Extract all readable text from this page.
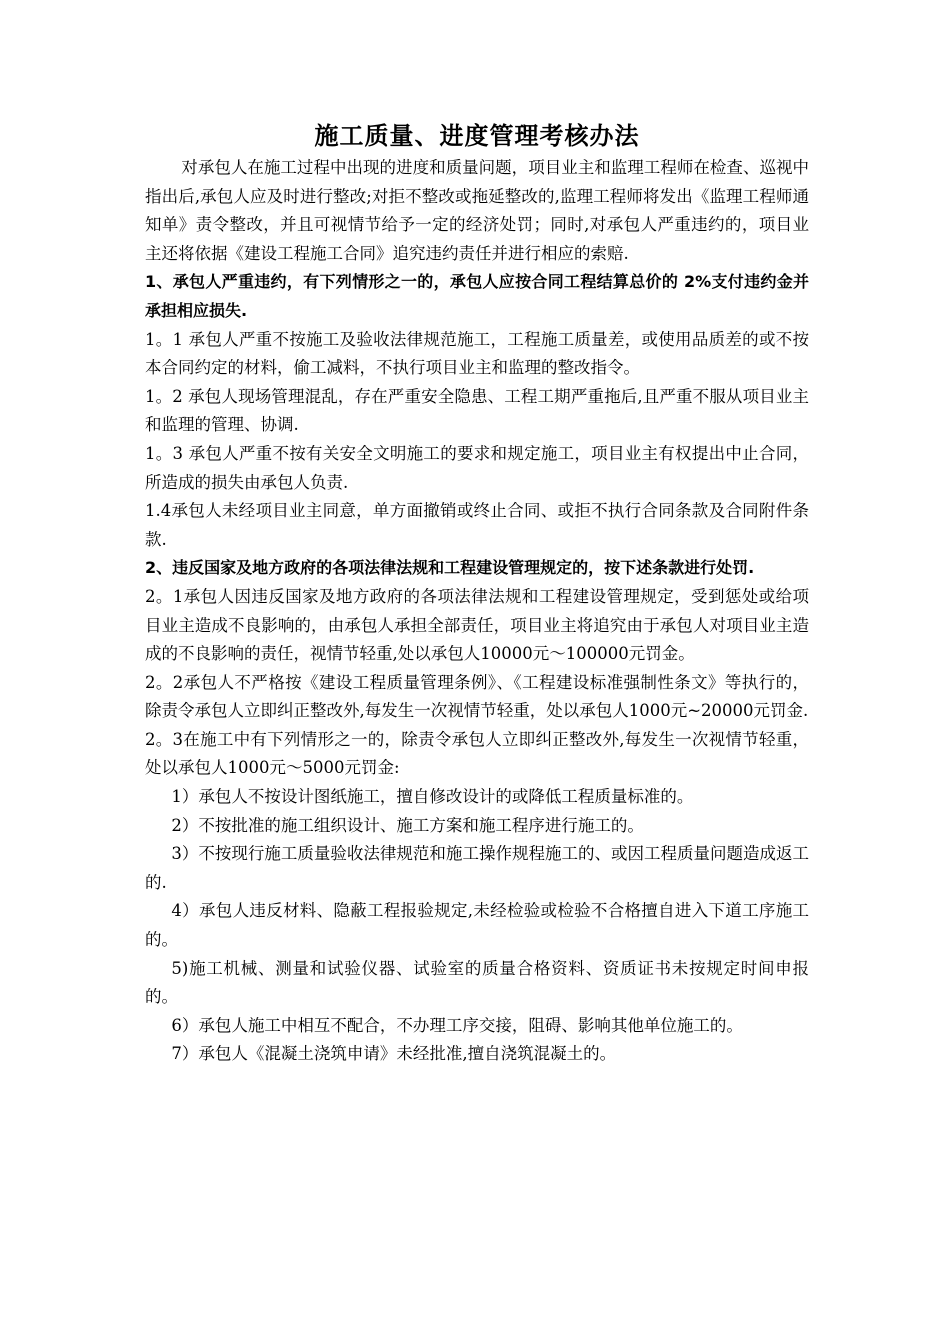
施工质量、进度管理考核办法

对承包人在施工过程中出现的进度和质量问题，项目业主和监理工程师在检查、巡视中指出后,承包人应及时进行整改;对拒不整改或拖延整改的,监理工程师将发出《监理工程师通知单》责令整改，并且可视情节给予一定的经济处罚；同时,对承包人严重违约的，项目业主还将依据《建设工程施工合同》追究违约责任并进行相应的索赔.

1、承包人严重违约，有下列情形之一的，承包人应按合同工程结算总价的 2%支付违约金并承担相应损失.

1。1 承包人严重不按施工及验收法律规范施工，工程施工质量差，或使用品质差的或不按本合同约定的材料，偷工减料，不执行项目业主和监理的整改指令。

1。2 承包人现场管理混乱，存在严重安全隐患、工程工期严重拖后,且严重不服从项目业主和监理的管理、协调.

1。3 承包人严重不按有关安全文明施工的要求和规定施工，项目业主有权提出中止合同，所造成的损失由承包人负责.

1.4承包人未经项目业主同意，单方面撤销或终止合同、或拒不执行合同条款及合同附件条款.

2、违反国家及地方政府的各项法律法规和工程建设管理规定的，按下述条款进行处罚.

2。1承包人因违反国家及地方政府的各项法律法规和工程建设管理规定，受到惩处或给项目业主造成不良影响的，由承包人承担全部责任，项目业主将追究由于承包人对项目业主造成的不良影响的责任，视情节轻重,处以承包人10000元～100000元罚金。

2。2承包人不严格按《建设工程质量管理条例》、《工程建设标准强制性条文》等执行的，除责令承包人立即纠正整改外,每发生一次视情节轻重，处以承包人1000元~20000元罚金.

2。3在施工中有下列情形之一的，除责令承包人立即纠正整改外,每发生一次视情节轻重，处以承包人1000元～5000元罚金:

1）承包人不按设计图纸施工，擅自修改设计的或降低工程质量标准的。

2）不按批准的施工组织设计、施工方案和施工程序进行施工的。

3）不按现行施工质量验收法律规范和施工操作规程施工的、或因工程质量问题造成返工的.

4）承包人违反材料、隐蔽工程报验规定,未经检验或检验不合格擅自进入下道工序施工的。

5)施工机械、测量和试验仪器、试验室的质量合格资料、资质证书未按规定时间申报的。

6）承包人施工中相互不配合，不办理工序交接，阻碍、影响其他单位施工的。

7）承包人《混凝土浇筑申请》未经批准,擅自浇筑混凝土的。
